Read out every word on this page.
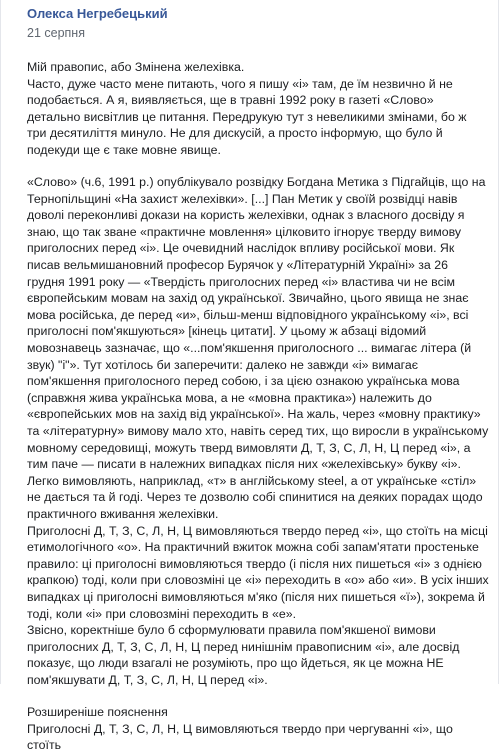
Олекса Негребецький
21 серпня

Мій правопис, або Змінена желехівка.

Часто, дуже часто мене питають, чого я пишу «і» там, де їм незвично й не подобається. А я, виявляється, ще в травні 1992 року в газеті «Слово» детально висвітлив це питання. Передрукую тут з невеликими змінами, бо ж три десятиліття минуло. Не для дискусій, а просто інформую, що було й подекуди ще є таке мовне явище.

«Слово» (ч.6, 1991 р.) опублікувало розвідку Богдана Метика з Підгайців, що на Тернопільщині «На захист желехівки». [...] Пан Метик у своїй розвідці навів доволі переконливі докази на користь желехівки, однак з власного досвіду я знаю, що так зване «практичне мовлення» цілковито ігнорує тверду вимову приголосних перед «і». Це очевидний наслідок впливу російської мови. Як писав вельмишановний професор Бурячок у «Літературній Україні» за 26 грудня 1991 року — «Твердість приголосних перед «і» властива чи не всім європейським мовам на захід од української. Звичайно, цього явища не знає мова російська, де перед «и», більш-менш відповідного українському «і», всі приголосні пом'якшуються» [кінець цитати]. У цьому ж абзаці відомий мовознавець зазначає, що «...пом'якшення приголосного ... вимагає літера (й звук) "і"». Тут хотілось би заперечити: далеко не завжди «і» вимагає пом'якшення приголосного перед собою, і за цією ознакою українська мова (справжня жива українська мова, а не «мовна практика») належить до «європейських мов на захід від української». На жаль, через «мовну практику» та «літературну» вимову мало хто, навіть серед тих, що виросли в українському мовному середовищі, можуть тверд вимовляти Д, Т, З, С, Л, Н, Ц перед «і», а тим паче — писати в належних випадках після них «желехівську» букву «і». Легко вимовляють, наприклад, «т» в англійському steel, а от українське «стіл» не дається та й годі. Через те дозволю собі спинитися на деяких порадах щодо практичного вживання желехівки.

Приголосні Д, Т, З, С, Л, Н, Ц вимовляються твердо перед «і», що стоїть на місці етимологічного «о». На практичний вжиток можна собі запам'ятати простеньке правило: ці приголосні вимовляються твердо (і після них пишеться «і» з однією крапкою) тоді, коли при словозміні це «і» переходить в «о» або «и». В усіх інших випадках ці приголосні вимовляються м'яко (після них пишеться «ї»), зокрема й тоді, коли «і» при словозміні переходить в «е».

Звісно, коректніше було б сформулювати правила пом'якшеної вимови приголосних Д, Т, З, С, Л, Н, Ц перед нинішнім правописним «і», але досвід показує, що люди взагалі не розуміють, про що йдеться, як це можна НЕ пом'якшувати Д, Т, З, С, Л, Н, Ц перед «і».

Розширеніше пояснення

Приголосні Д, Т, З, С, Л, Н, Ц вимовляються твердо при чергуванні «і», що стоїть
